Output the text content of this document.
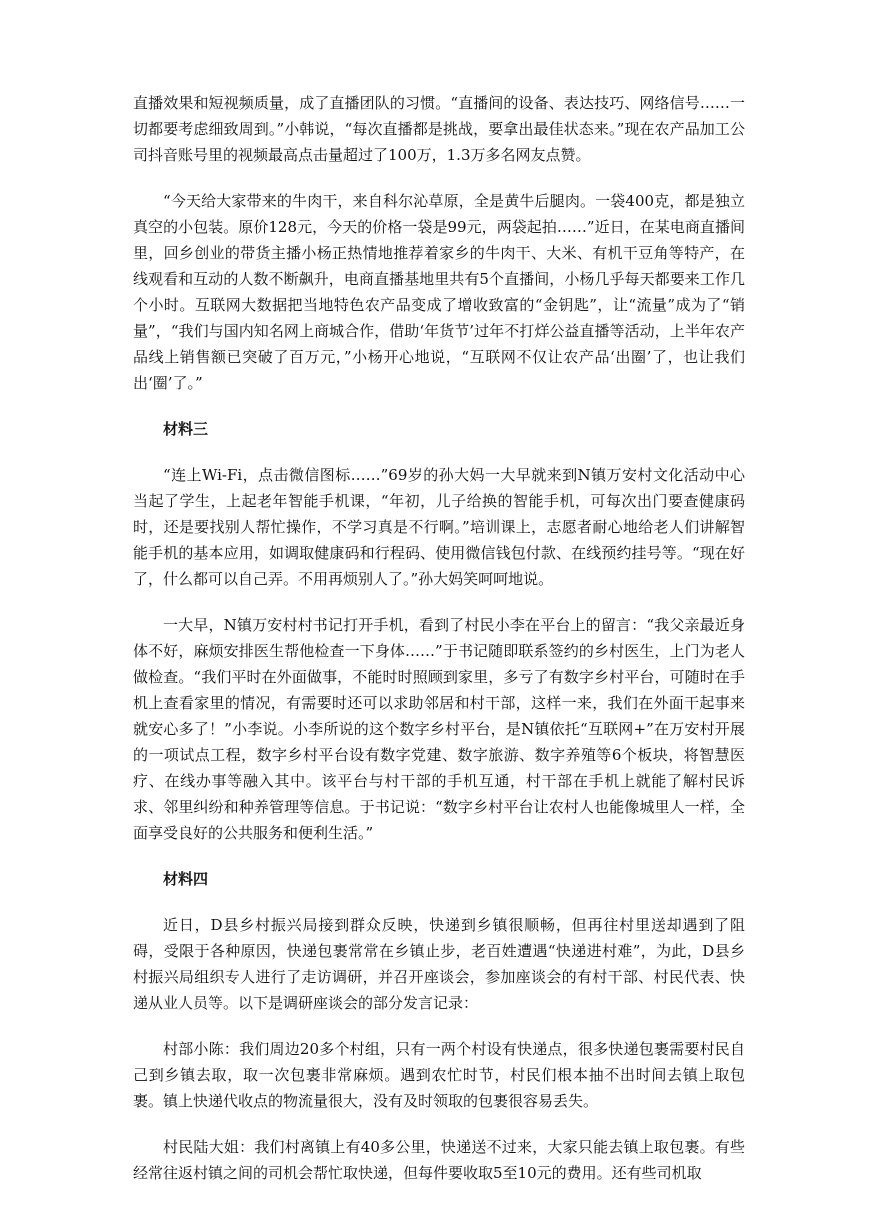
直播效果和短视频质量，成了直播团队的习惯。“直播间的设备、表达技巧、网络信号……一切都要考虑细致周到。”小韩说，“每次直播都是挑战，要拿出最佳状态来。”现在农产品加工公司抖音账号里的视频最高点击量超过了100万，1.3万多名网友点赞。

“今天给大家带来的牛肉干，来自科尔沁草原，全是黄牛后腿肉。一袋400克，都是独立真空的小包装。原价128元，今天的价格一袋是99元，两袋起拍……”近日，在某电商直播间里，回乡创业的带货主播小杨正热情地推荐着家乡的牛肉干、大米、有机干豆角等特产，在线观看和互动的人数不断飙升，电商直播基地里共有5个直播间，小杨几乎每天都要来工作几个小时。互联网大数据把当地特色农产品变成了增收致富的“金钥匙”，让“流量”成为了“销量”，“我们与国内知名网上商城合作，借助‘年货节’过年不打烊公益直播等活动，上半年农产品线上销售额已突破了百万元，”小杨开心地说，“互联网不仅让农产品‘出圈’了，也让我们出‘圈’了。”

材料三

“连上Wi-Fi，点击微信图标……”69岁的孙大妈一大早就来到N镇万安村文化活动中心当起了学生，上起老年智能手机课，“年初，儿子给换的智能手机，可每次出门要查健康码时，还是要找别人帮忙操作，不学习真是不行啊。”培训课上，志愿者耐心地给老人们讲解智能手机的基本应用，如调取健康码和行程码、使用微信钱包付款、在线预约挂号等。“现在好了，什么都可以自己弄。不用再烦别人了。”孙大妈笑呵呵地说。

一大早，N镇万安村村书记打开手机，看到了村民小李在平台上的留言：“我父亲最近身体不好，麻烦安排医生帮他检查一下身体……”于书记随即联系签约的乡村医生，上门为老人做检查。“我们平时在外面做事，不能时时照顾到家里，多亏了有数字乡村平台，可随时在手机上查看家里的情况，有需要时还可以求助邻居和村干部，这样一来，我们在外面干起事来就安心多了！”小李说。小李所说的这个数字乡村平台，是N镇依托“互联网+”在万安村开展的一项试点工程，数字乡村平台设有数字党建、数字旅游、数字养殖等6个板块，将智慧医疗、在线办事等融入其中。该平台与村干部的手机互通，村干部在手机上就能了解村民诉求、邻里纠纷和种养管理等信息。于书记说：“数字乡村平台让农村人也能像城里人一样，全面享受良好的公共服务和便利生活。”

材料四

近日，D县乡村振兴局接到群众反映，快递到乡镇很顺畅，但再往村里送却遇到了阻碍，受限于各种原因，快递包裹常常在乡镇止步，老百姓遭遇“快递进村难”，为此，D县乡村振兴局组织专人进行了走访调研，并召开座谈会，参加座谈会的有村干部、村民代表、快递从业人员等。以下是调研座谈会的部分发言记录：

村部小陈：我们周边20多个村组，只有一两个村设有快递点，很多快递包裹需要村民自己到乡镇去取，取一次包裹非常麻烦。遇到农忙时节，村民们根本抽不出时间去镇上取包裹。镇上快递代收点的物流量很大，没有及时领取的包裹很容易丢失。

村民陆大姐：我们村离镇上有40多公里，快递送不过来，大家只能去镇上取包裹。有些经常往返村镇之间的司机会帮忙取快递，但每件要收取5至10元的费用。还有些司机取
